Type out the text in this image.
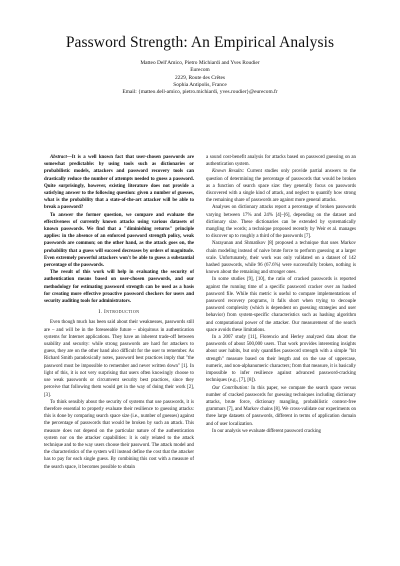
Password Strength: An Empirical Analysis
Matteo Dell'Amico, Pietro Michiardi and Yves Roudier
Eurecom
2229, Route des Crêtes
Sophia Antipolis, France
Email: {matteo.dell-amico, pietro.michiardi, yves.roudier}@eurecom.fr

Abstract—It is a well known fact that user-chosen passwords are somewhat predictable: by using tools such as dictionaries or probabilistic models, attackers and password recovery tools can drastically reduce the number of attempts needed to guess a password. Quite surprisingly, however, existing literature does not provide a satisfying answer to the following question: given a number of guesses, what is the probability that a state-of-the-art attacker will be able to break a password?

To answer the former question, we compare and evaluate the effectiveness of currently known attacks using various datasets of known passwords. We find that a "diminishing returns" principle applies: in the absence of an enforced password strength policy, weak passwords are common; on the other hand, as the attack goes on, the probability that a guess will succeed decreases by orders of magnitude. Even extremely powerful attackers won't be able to guess a substantial percentage of the passwords.

The result of this work will help in evaluating the security of authentication means based on user-chosen passwords, and our methodology for estimating password strength can be used as a basis for creating more effective proactive password checkers for users and security auditing tools for administrators.

I. Introduction

Even though much has been said about their weaknesses, passwords still are – and will be in the foreseeable future – ubiquitous in authentication systems for Internet applications. They have an inherent trade-off between usability and security: while strong passwords are hard for attackers to guess, they are on the other hand also difficult for the user to remember. As Richard Smith paradoxically notes, password best practices imply that "the password must be impossible to remember and never written down" [1]. In light of this, it is not very surprising that users often knowingly choose to use weak passwords or circumvent security best practices, since they perceive that following them would get in the way of doing their work [2], [3].

To think sensibly about the security of systems that use passwords, it is therefore essential to properly evaluate their resilience to guessing attacks: this is done by comparing search space size (i.e., number of guesses) against the percentage of passwords that would be broken by such an attack. This measure does not depend on the particular nature of the authentication system nor on the attacker capabilities: it is only related to the attack technique and to the way users choose their password. The attack model and the characteristics of the system will instead define the cost that the attacker has to pay for each single guess. By combining this cost with a measure of the search space, it becomes possible to obtain

a sound cost-benefit analysis for attacks based on password guessing on an authentication system.

Known Results: Current studies only provide partial answers to the question of determining the percentage of passwords that would be broken as a function of search space size: they generally focus on passwords discovered with a single kind of attack, and neglect to quantify how strong the remaining share of passwords are against more general attacks.

Analyses on dictionary attacks report a percentage of broken passwords varying between 17% and 24% [4]–[6], depending on the dataset and dictionary size. These dictionaries can be extended by systematically mangling the words; a technique proposed recently by Weir et al. manages to discover up to roughly a third of the passwords [7].

Narayanan and Shmatikov [8] proposed a technique that uses Markov chain modeling instead of naive brute force to perform guessing at a larger scale. Unfortunately, their work was only validated on a dataset of 142 hashed passwords, while 96 (67.6%) were successfully broken, nothing is known about the remaining and stronger ones.

In some studies [9], [10], the ratio of cracked passwords is reported against the running time of a specific password cracker over an hashed password file. While this metric is useful to compare implementations of password recovery programs, it falls short when trying to decouple password complexity (which is dependent on guessing strategies and user behavior) from system-specific characteristics such as hashing algorithm and computational power of the attacker. Our measurement of the search space avoids these limitations.

In a 2007 study [11], Florencio and Herley analyzed data about the passwords of about 500,000 users. That work provides interesting insights about user habits, but only quantifies password strength with a simple "bit strength" measure based on their length and on the use of uppercase, numeric, and non-alphanumeric characters; from that measure, it is basically impossible to infer resilience against advanced password-cracking techniques (e.g., [7], [8]).

Our Contribution: In this paper, we compare the search space versus number of cracked passwords for guessing techniques including dictionary attacks, brute force, dictionary mangling, probabilistic context-free grammars [7], and Markov chains [8]. We cross-validate our experiments on three large datasets of passwords, different in terms of application domain and of user localization.

In our analysis we evaluate different password cracking
